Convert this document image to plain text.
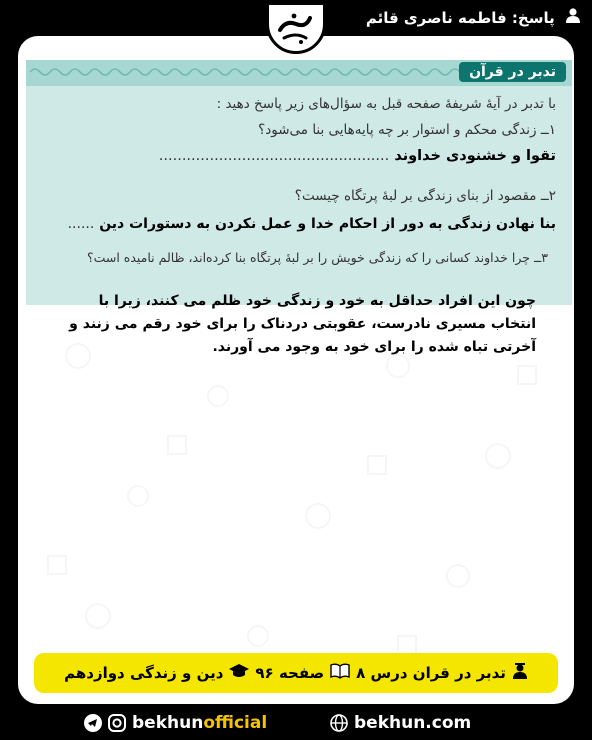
پاسخ: فاطمه ناصری قائم
تدبر در قرآن
با تدبر در آیهٔ شریفهٔ صفحه قبل به سؤال‌های زیر پاسخ دهید :
۱ــ زندگی محکم و استوار بر چه پایه‌هایی بنا می‌شود؟
تقوا و خشنودی خداوند ..................................................
۲ــ مقصود از بنای زندگی بر لبهٔ پرتگاه چیست؟
بنا نهادن زندگی به دور از احکام خدا و عمل نکردن به دستورات دین ......
۳ــ چرا خداوند کسانی را که زندگی خویش را بر لبهٔ پرتگاه بنا کرده‌اند، ظالم نامیده است؟
چون این افراد حداقل به خود و زندگی خود ظلم می کنند، زیرا با انتخاب مسیری نادرست، عقوبتی دردناک را برای خود رقم می زنند و آخرتی تباه شده را برای خود به وجود می آورند.
تدبر در قران درس ۸
صفحه ۹۶
دین و زندگی دوازدهم
bekhun official	bekhun.com
